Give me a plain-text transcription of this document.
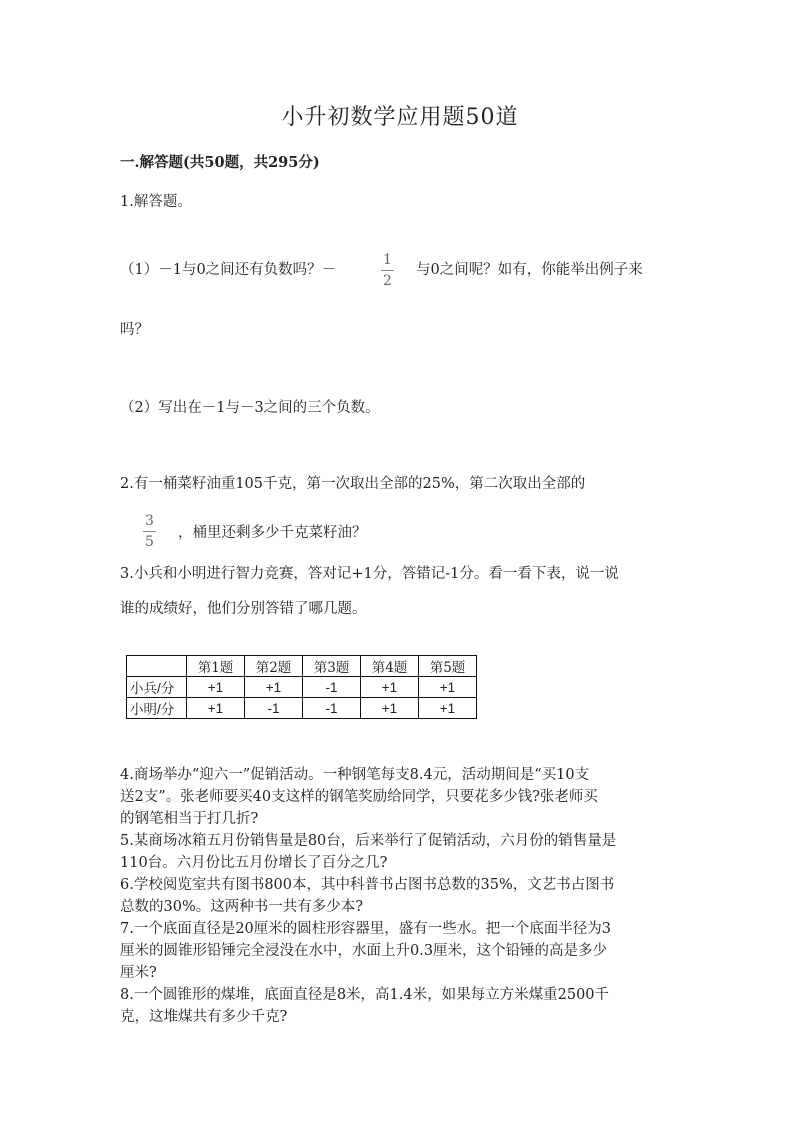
小升初数学应用题50道
一.解答题(共50题，共295分)
1.解答题。
（1）－1与0之间还有负数吗？－	$\frac{1}{2}$ 与0之间呢？如有，你能举出例子来
吗？
（2）写出在－1与－3之间的三个负数。
2.有一桶菜籽油重105千克，第一次取出全部的25%，第二次取出全部的
$\frac{3}{5}$ ，桶里还剩多少千克菜籽油？
3.小兵和小明进行智力竞赛，答对记+1分，答错记-1分。看一看下表，说一说
谁的成绩好，他们分别答错了哪几题。
	第1题	第2题	第3题	第4题	第5题
小兵/分	+1	+1	-1	+1	+1
小明/分	+1	-1	-1	+1	+1
4.商场举办“迎六一”促销活动。一种钢笔每支8.4元，活动期间是“买10支
送2支”。张老师要买40支这样的钢笔奖励给同学，只要花多少钱?张老师买
的钢笔相当于打几折?
5.某商场冰箱五月份销售量是80台，后来举行了促销活动，六月份的销售量是
110台。六月份比五月份增长了百分之几?
6.学校阅览室共有图书800本，其中科普书占图书总数的35%，文艺书占图书
总数的30%。这两种书一共有多少本?
7.一个底面直径是20厘米的圆柱形容器里，盛有一些水。把一个底面半径为3
厘米的圆锥形铅锤完全浸没在水中，水面上升0.3厘米，这个铅锤的高是多少
厘米?
8.一个圆锥形的煤堆，底面直径是8米，高1.4米，如果每立方米煤重2500千
克，这堆煤共有多少千克?
